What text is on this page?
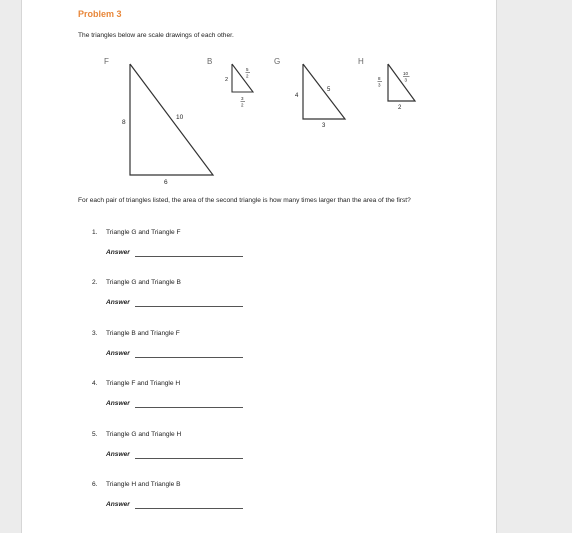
Problem 3
The triangles below are scale drawings of each other.
F
8
10
6
B
2
5
2
3
2
G
4
5
3
H
8
3
10
3
2
For each pair of triangles listed, the area of the second triangle is how many times larger than the area of the first?
1. Triangle G and Triangle F
Answer
2. Triangle G and Triangle B
Answer
3. Triangle B and Triangle F
Answer
4. Triangle F and Triangle H
Answer
5. Triangle G and Triangle H
Answer
6. Triangle H and Triangle B
Answer
